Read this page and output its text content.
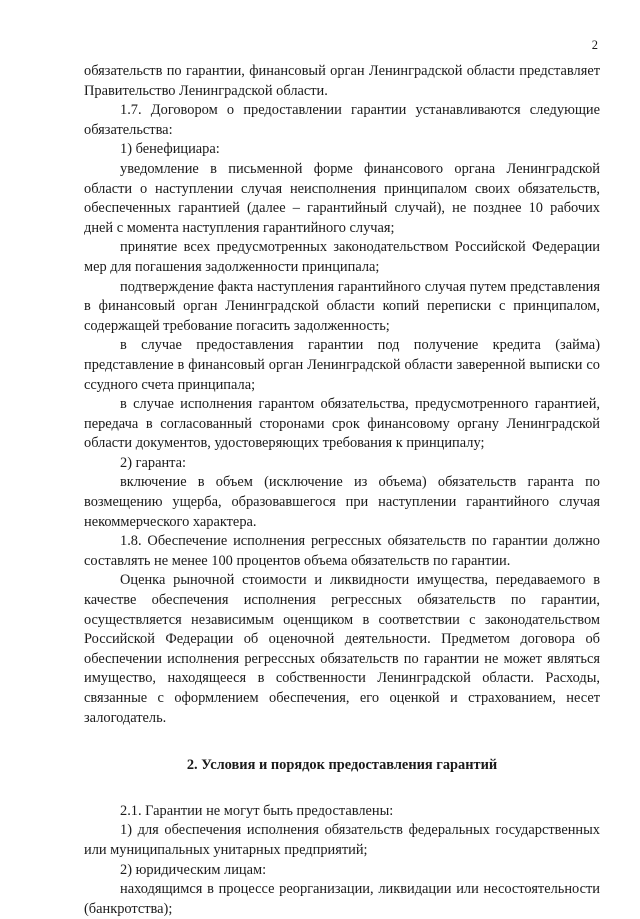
2

обязательств по гарантии, финансовый орган Ленинградской области представляет Правительство Ленинградской области.

1.7. Договором о предоставлении гарантии устанавливаются следующие обязательства:

1) бенефициара:

уведомление в письменной форме финансового органа Ленинградской области о наступлении случая неисполнения принципалом своих обязательств, обеспеченных гарантией (далее – гарантийный случай), не позднее 10 рабочих дней с момента наступления гарантийного случая;

принятие всех предусмотренных законодательством Российской Федерации мер для погашения задолженности принципала;

подтверждение факта наступления гарантийного случая путем представления в финансовый орган Ленинградской области копий переписки с принципалом, содержащей требование погасить задолженность;

в случае предоставления гарантии под получение кредита (займа) представление в финансовый орган Ленинградской области заверенной выписки со ссудного счета принципала;

в случае исполнения гарантом обязательства, предусмотренного гарантией, передача в согласованный сторонами срок финансовому органу Ленинградской области документов, удостоверяющих требования к принципалу;

2) гаранта:

включение в объем (исключение из объема) обязательств гаранта по возмещению ущерба, образовавшегося при наступлении гарантийного случая некоммерческого характера.

1.8. Обеспечение исполнения регрессных обязательств по гарантии должно составлять не менее 100 процентов объема обязательств по гарантии.

Оценка рыночной стоимости и ликвидности имущества, передаваемого в качестве обеспечения исполнения регрессных обязательств по гарантии, осуществляется независимым оценщиком в соответствии с законодательством Российской Федерации об оценочной деятельности. Предметом договора об обеспечении исполнения регрессных обязательств по гарантии не может являться имущество, находящееся в собственности Ленинградской области. Расходы, связанные с оформлением обеспечения, его оценкой и страхованием, несет залогодатель.

2. Условия и порядок предоставления гарантий

2.1. Гарантии не могут быть предоставлены:

1) для обеспечения исполнения обязательств федеральных государственных или муниципальных унитарных предприятий;

2) юридическим лицам:

находящимся в процессе реорганизации, ликвидации или несостоятельности (банкротства);
